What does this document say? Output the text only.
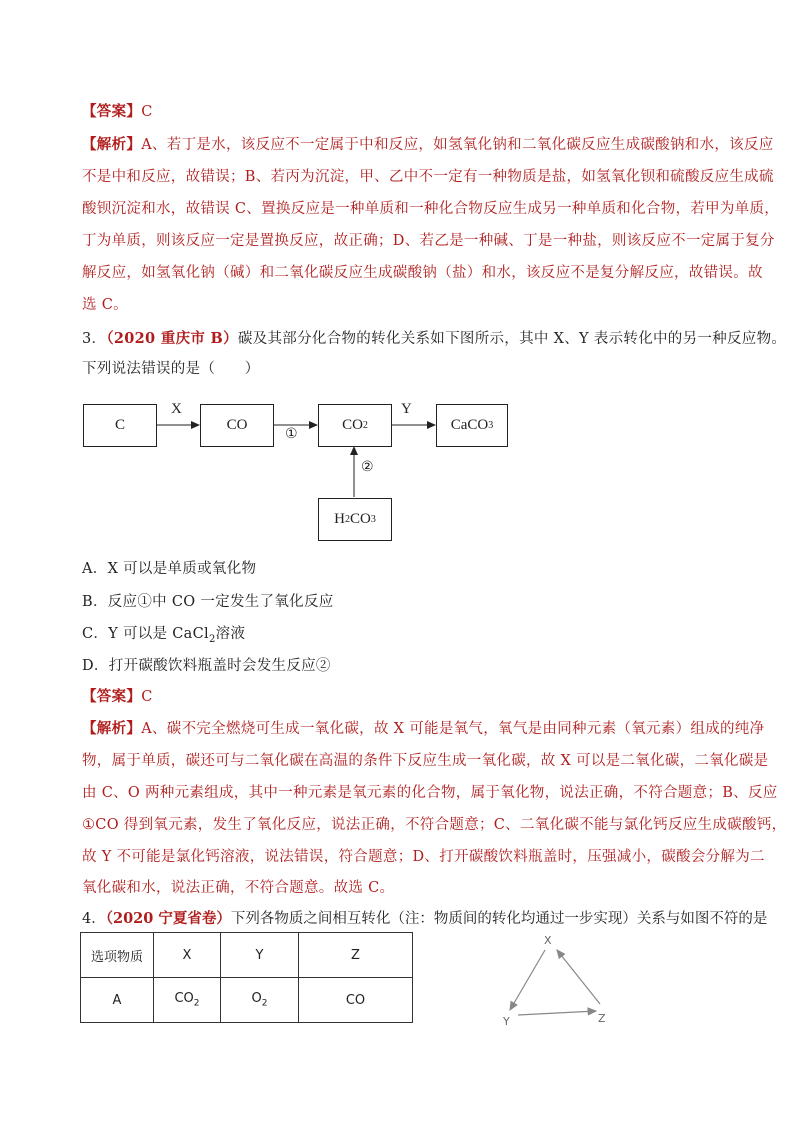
【答案】C
【解析】A、若丁是水，该反应不一定属于中和反应，如氢氧化钠和二氧化碳反应生成碳酸钠和水，该反应
不是中和反应，故错误；B、若丙为沉淀，甲、乙中不一定有一种物质是盐，如氢氧化钡和硫酸反应生成硫
酸钡沉淀和水，故错误 C、置换反应是一种单质和一种化合物反应生成另一种单质和化合物，若甲为单质，
丁为单质，则该反应一定是置换反应，故正确；D、若乙是一种碱、丁是一种盐，则该反应不一定属于复分
解反应，如氢氧化钠（碱）和二氧化碳反应生成碳酸钠（盐）和水，该反应不是复分解反应，故错误。故
选 C。
3．（2020 重庆市 B）碳及其部分化合物的转化关系如下图所示，其中 X、Y 表示转化中的另一种反应物。
下列说法错误的是（　　）
C	CO	CO 2	CaCO 3
H 2 CO 3
X	Y
①
②
A．X 可以是单质或氧化物
B．反应①中 CO 一定发生了氧化反应
C．Y 可以是 CaCl$_2$溶液
D．打开碳酸饮料瓶盖时会发生反应②
【答案】C
【解析】A、碳不完全燃烧可生成一氧化碳，故 X 可能是氧气，氧气是由同种元素（氧元素）组成的纯净
物，属于单质，碳还可与二氧化碳在高温的条件下反应生成一氧化碳，故 X 可以是二氧化碳，二氧化碳是
由 C、O 两种元素组成，其中一种元素是氧元素的化合物，属于氧化物，说法正确，不符合题意；B、反应
①CO 得到氧元素，发生了氧化反应，说法正确，不符合题意；C、二氧化碳不能与氯化钙反应生成碳酸钙，
故 Y 不可能是氯化钙溶液，说法错误，符合题意；D、打开碳酸饮料瓶盖时，压强减小，碳酸会分解为二
氧化碳和水，说法正确，不符合题意。故选 C。
4．（2020 宁夏省卷）下列各物质之间相互转化（注：物质间的转化均通过一步实现）关系与如图不符的是
选项物质	X	Y	Z
A	$CO_2$	$O_2$	CO
X
Y	Z
